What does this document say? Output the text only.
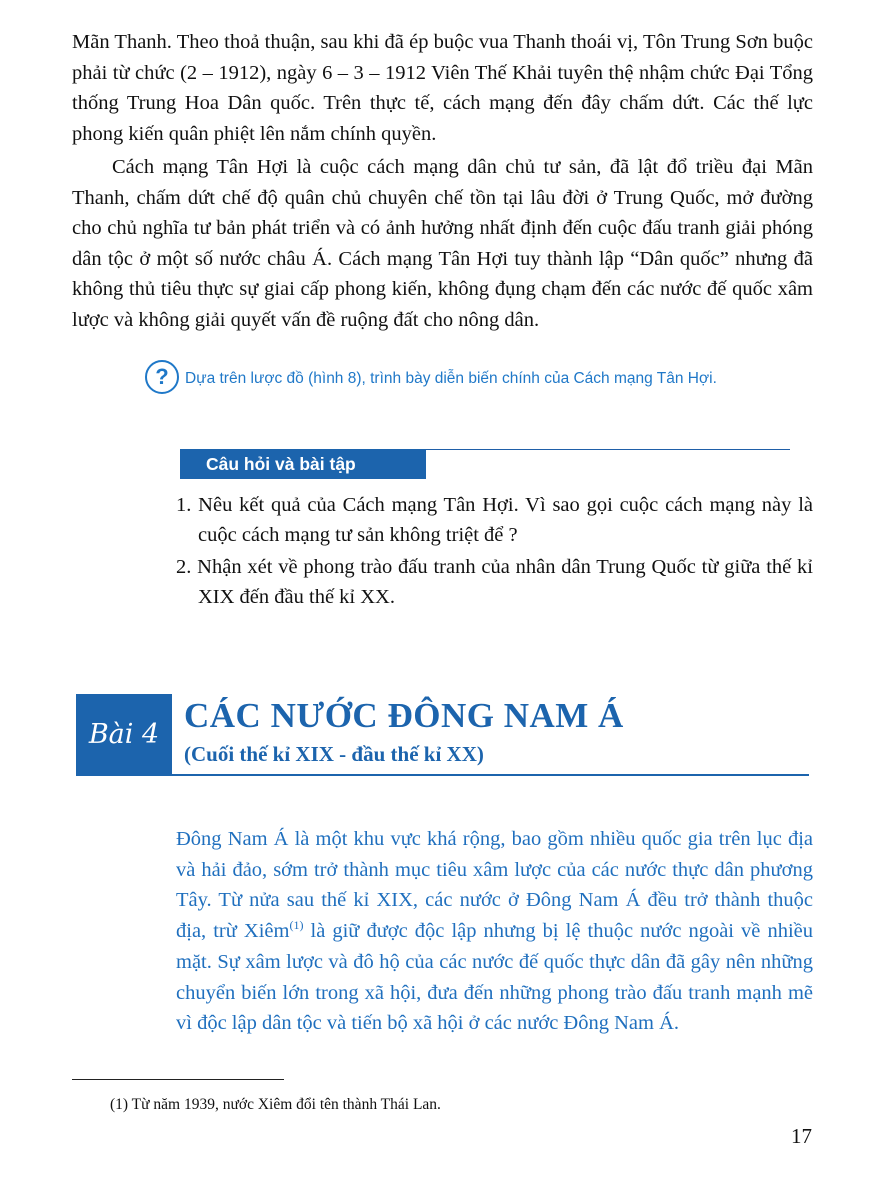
Mãn Thanh. Theo thoả thuận, sau khi đã ép buộc vua Thanh thoái vị, Tôn Trung Sơn buộc phải từ chức (2 – 1912), ngày 6 – 3 – 1912 Viên Thế Khải tuyên thệ nhậm chức Đại Tổng thống Trung Hoa Dân quốc. Trên thực tế, cách mạng đến đây chấm dứt. Các thế lực phong kiến quân phiệt lên nắm chính quyền.

Cách mạng Tân Hợi là cuộc cách mạng dân chủ tư sản, đã lật đổ triều đại Mãn Thanh, chấm dứt chế độ quân chủ chuyên chế tồn tại lâu đời ở Trung Quốc, mở đường cho chủ nghĩa tư bản phát triển và có ảnh hưởng nhất định đến cuộc đấu tranh giải phóng dân tộc ở một số nước châu Á. Cách mạng Tân Hợi tuy thành lập “Dân quốc” nhưng đã không thủ tiêu thực sự giai cấp phong kiến, không đụng chạm đến các nước đế quốc xâm lược và không giải quyết vấn đề ruộng đất cho nông dân.

?	Dựa trên lược đồ (hình 8), trình bày diễn biến chính của Cách mạng Tân Hợi.
Câu hỏi và bài tập
1. Nêu kết quả của Cách mạng Tân Hợi. Vì sao gọi cuộc cách mạng này là cuộc cách mạng tư sản không triệt để ?
2. Nhận xét về phong trào đấu tranh của nhân dân Trung Quốc từ giữa thế kỉ XIX đến đầu thế kỉ XX.
Bài 4 CÁC NƯỚC ĐÔNG NAM Á
(Cuối thế kỉ XIX - đầu thế kỉ XX)

Đông Nam Á là một khu vực khá rộng, bao gồm nhiều quốc gia trên lục địa và hải đảo, sớm trở thành mục tiêu xâm lược của các nước thực dân phương Tây. Từ nửa sau thế kỉ XIX, các nước ở Đông Nam Á đều trở thành thuộc địa, trừ Xiêm$^{(1)}$ là giữ được độc lập nhưng bị lệ thuộc nước ngoài về nhiều mặt. Sự xâm lược và đô hộ của các nước đế quốc thực dân đã gây nên những chuyển biến lớn trong xã hội, đưa đến những phong trào đấu tranh mạnh mẽ vì độc lập dân tộc và tiến bộ xã hội ở các nước Đông Nam Á.

(1) Từ năm 1939, nước Xiêm đổi tên thành Thái Lan.
17
